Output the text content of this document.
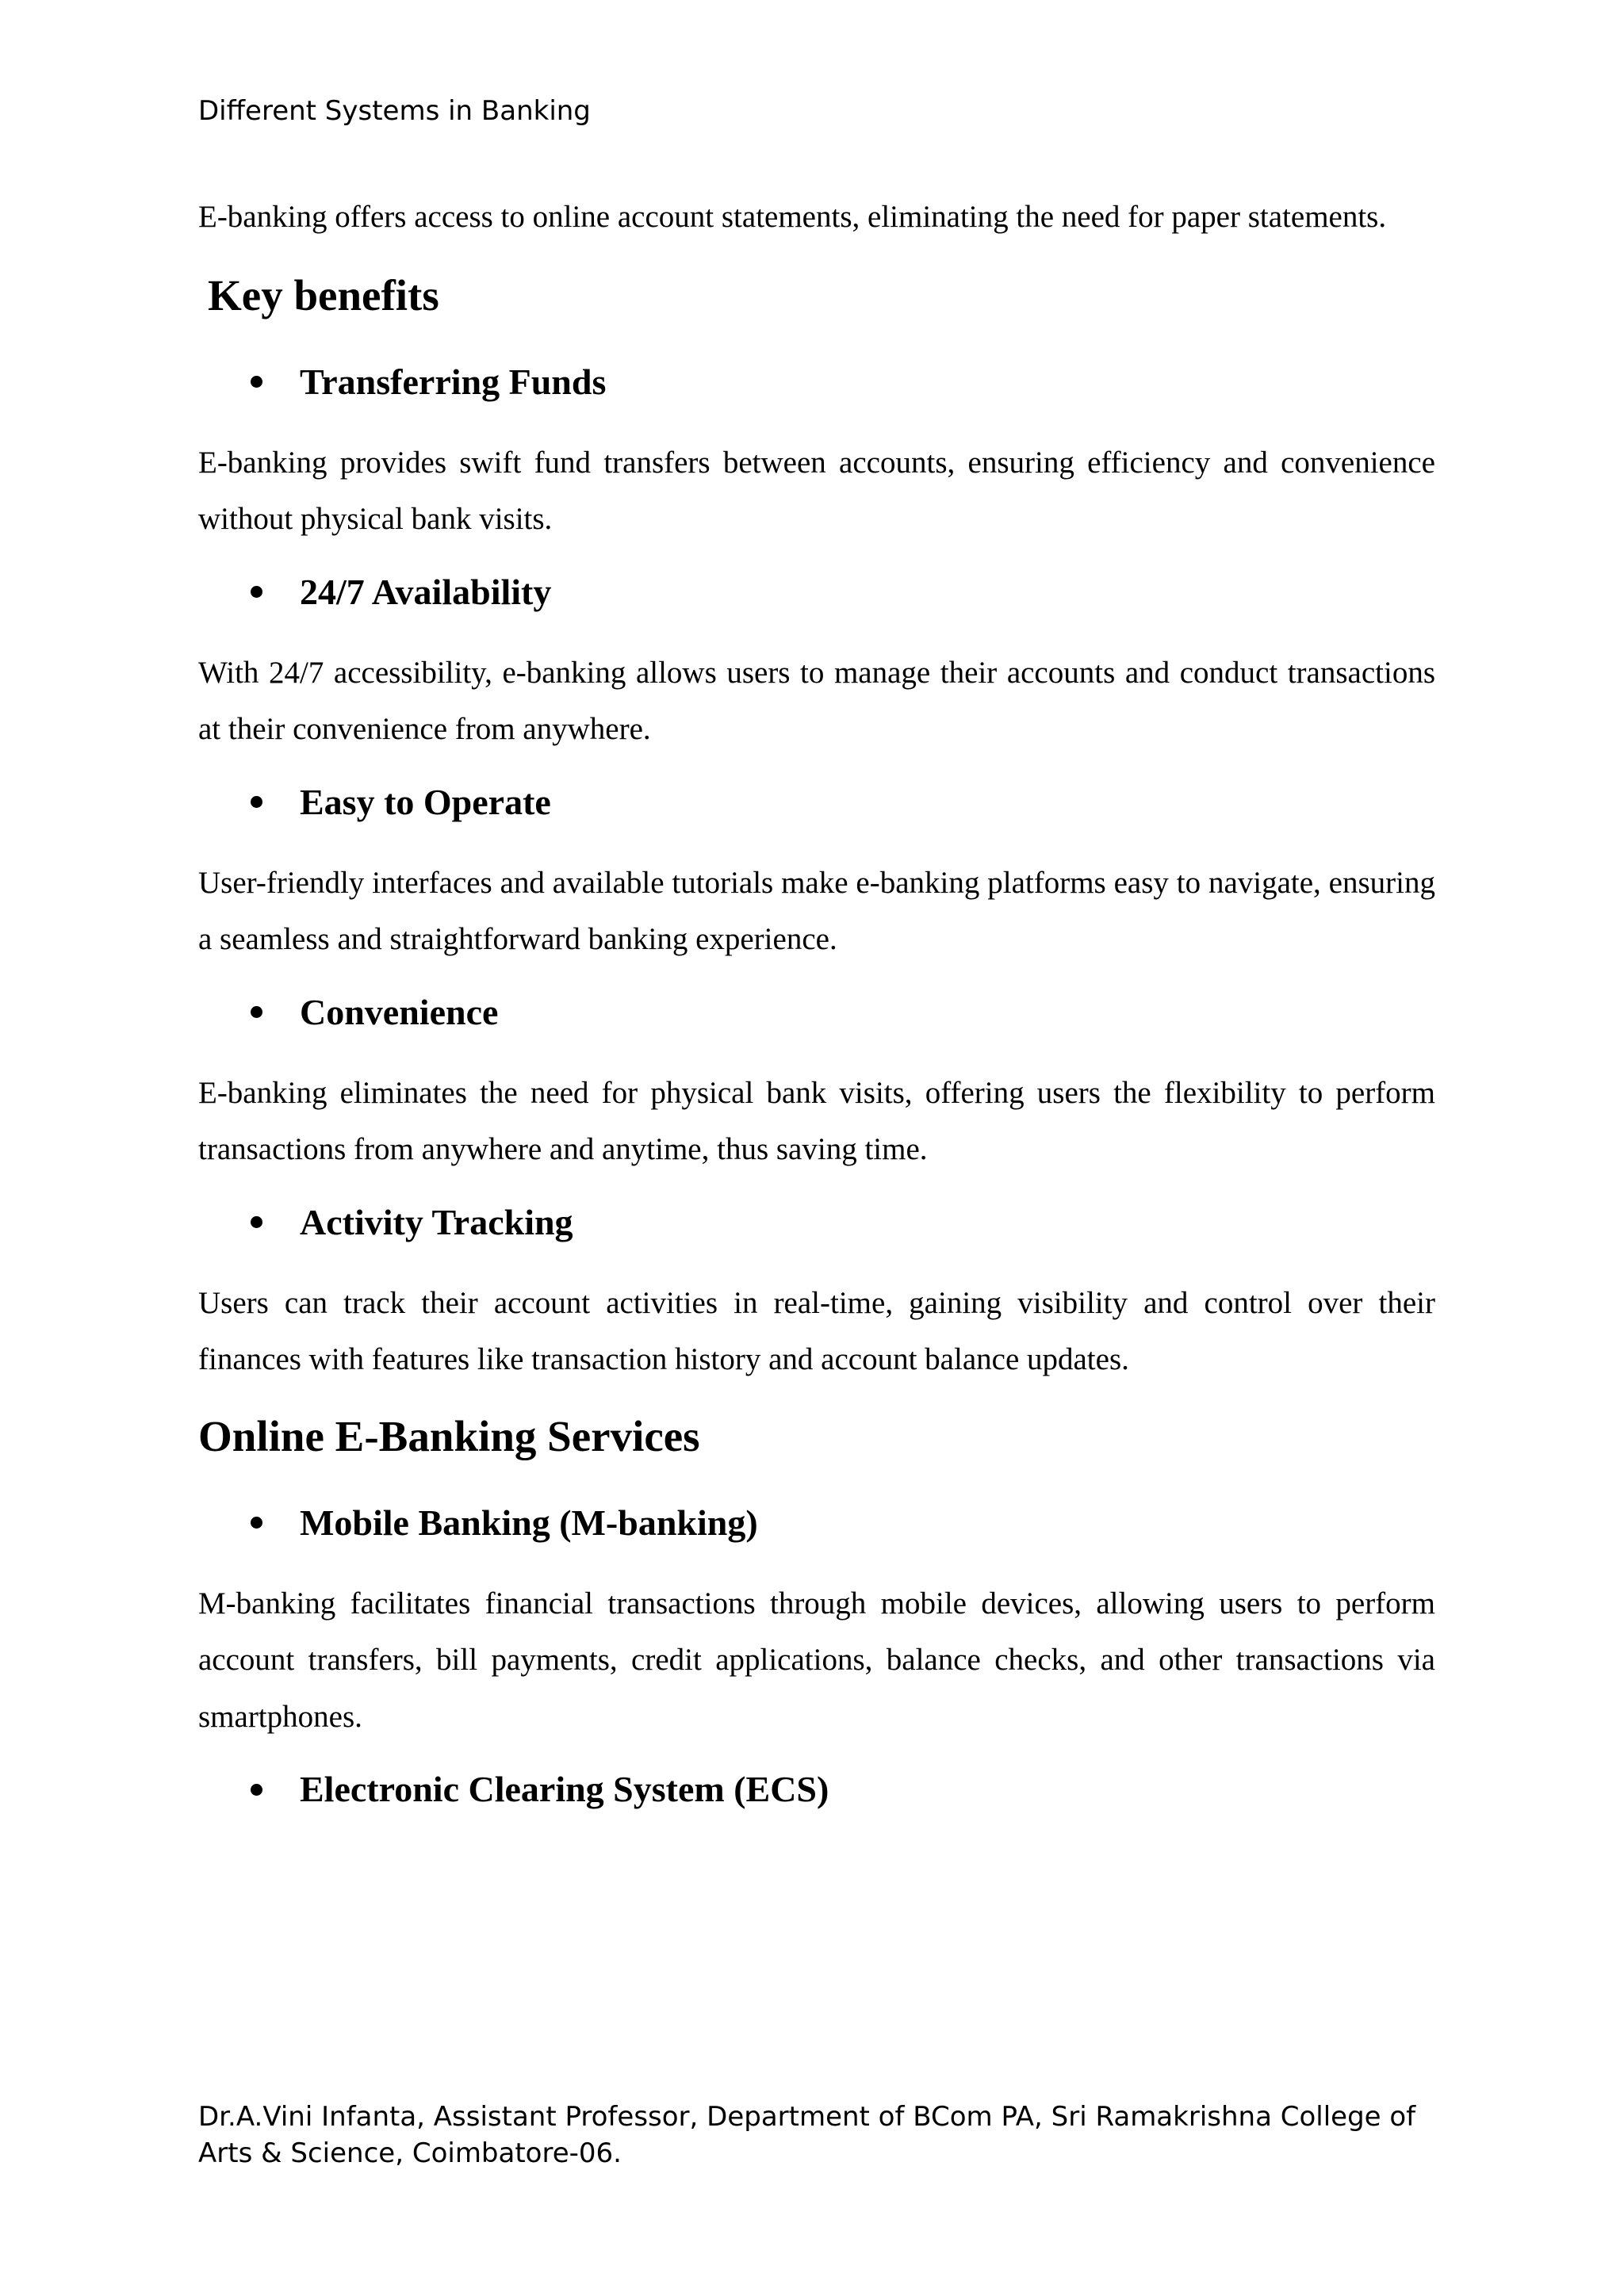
Different Systems in Banking

E-banking offers access to online account statements, eliminating the need for paper statements.

Key benefits
Transferring Funds

E-banking provides swift fund transfers between accounts, ensuring efficiency and convenience without physical bank visits.

24/7 Availability

With 24/7 accessibility, e-banking allows users to manage their accounts and conduct transactions at their convenience from anywhere.

Easy to Operate

User-friendly interfaces and available tutorials make e-banking platforms easy to navigate, ensuring a seamless and straightforward banking experience.

Convenience

E-banking eliminates the need for physical bank visits, offering users the flexibility to perform transactions from anywhere and anytime, thus saving time.

Activity Tracking

Users can track their account activities in real-time, gaining visibility and control over their finances with features like transaction history and account balance updates.

Online E-Banking Services
Mobile Banking (M-banking)

M-banking facilitates financial transactions through mobile devices, allowing users to perform account transfers, bill payments, credit applications, balance checks, and other transactions via smartphones.

Electronic Clearing System (ECS)
Dr.A.Vini Infanta, Assistant Professor, Department of BCom PA, Sri Ramakrishna College of Arts & Science, Coimbatore-06.
